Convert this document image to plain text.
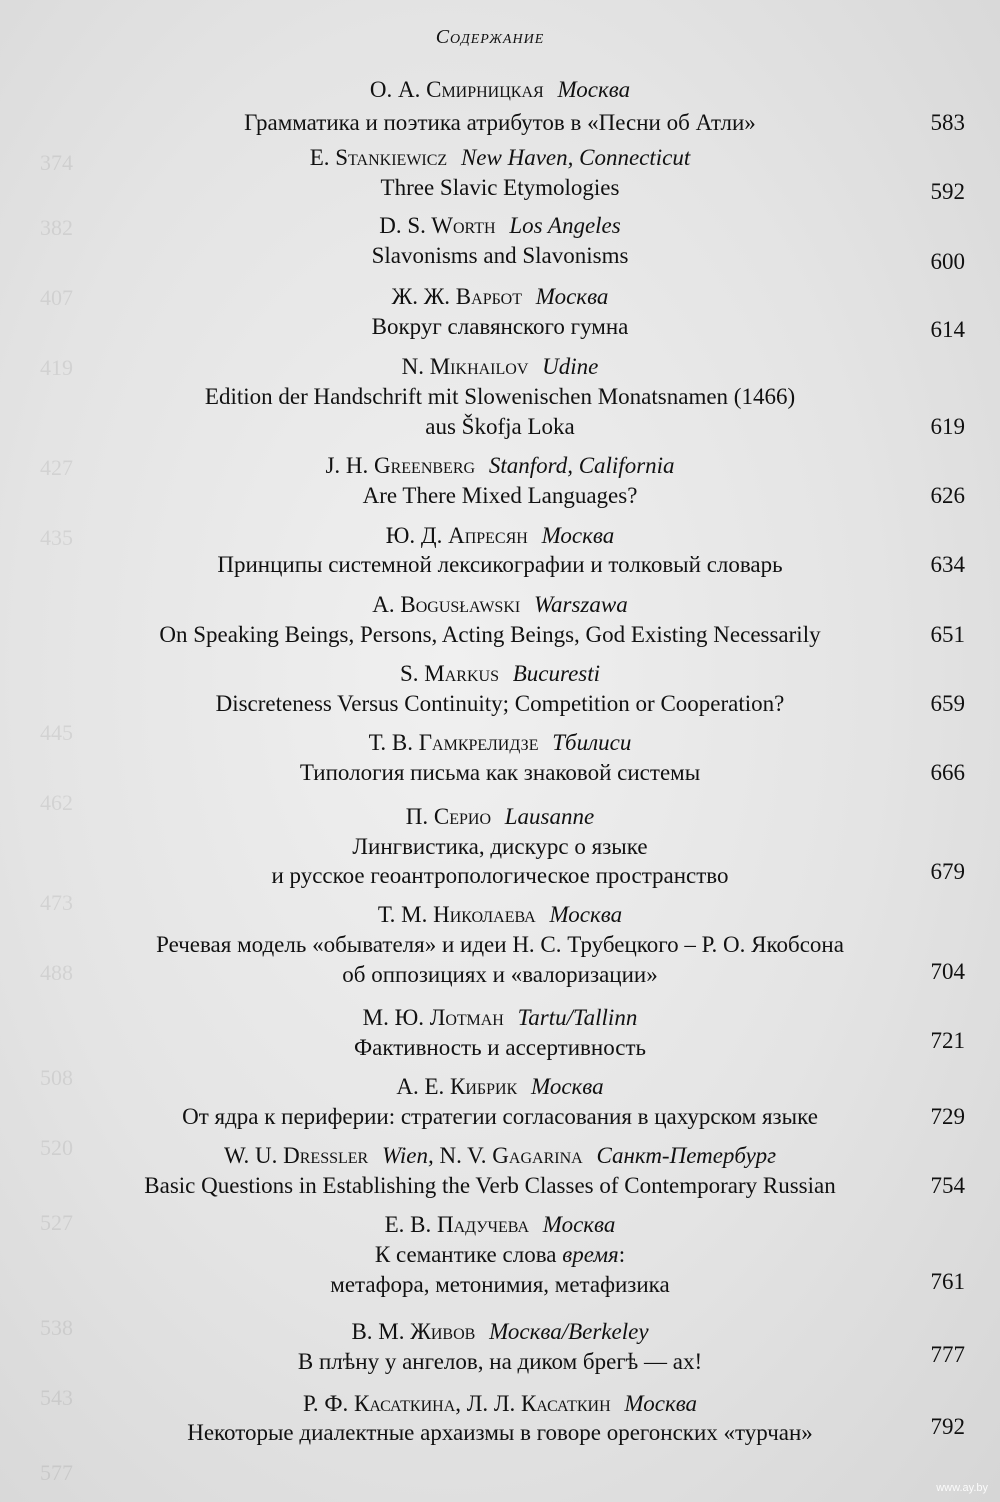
374
382
407
419
427
435
445
462
473
488
508
520
527
538
543
577
Содержание
О. А. Смирницкая Москва
Грамматика и поэтика атрибутов в «Песни об Атли»	583
E. Stankiewicz New Haven, Connecticut
Three Slavic Etymologies	592
D. S. Worth Los Angeles
Slavonisms and Slavonisms	600
Ж. Ж. Варбот Москва
Вокруг славянского гумна	614
N. Mikhailov Udine
Edition der Handschrift mit Slowenischen Monatsnamen (1466)
aus Škofja Loka	619
J. H. Greenberg Stanford, California
Are There Mixed Languages?	626
Ю. Д. Апресян Москва
Принципы системной лексикографии и толковый словарь	634
A. Bogusławski Warszawa
On Speaking Beings, Persons, Acting Beings, God Existing Necessarily	651
S. Markus Bucuresti
Discreteness Versus Continuity; Competition or Cooperation?	659
Т. В. Гамкрелидзе Тбилиси
Типология письма как знаковой системы	666
П. Серио Lausanne
Лингвистика, дискурс о языке
и русское геоантропологическое пространство	679
Т. М. Николаева Москва
Речевая модель «обывателя» и идеи Н. С. Трубецкого – Р. О. Якобсона
об оппозициях и «валоризации»	704
М. Ю. Лотман Tartu/Tallinn
Фактивность и ассертивность	721
А. Е. Кибрик Москва
От ядра к периферии: стратегии согласования в цахурском языке	729
W. U. Dressler Wien, N. V. Gagarina Санкт-Петербург
Basic Questions in Establishing the Verb Classes of Contemporary Russian	754
Е. В. Падучева Москва
К семантике слова время:
метафора, метонимия, метафизика	761
В. М. Живов Москва/Berkeley
В плѣну у ангелов, на диком брегѣ — ах!	777
Р. Ф. Касаткина, Л. Л. Касаткин Москва
Некоторые диалектные архаизмы в говоре орегонских «турчан»	792
www.ay.by
